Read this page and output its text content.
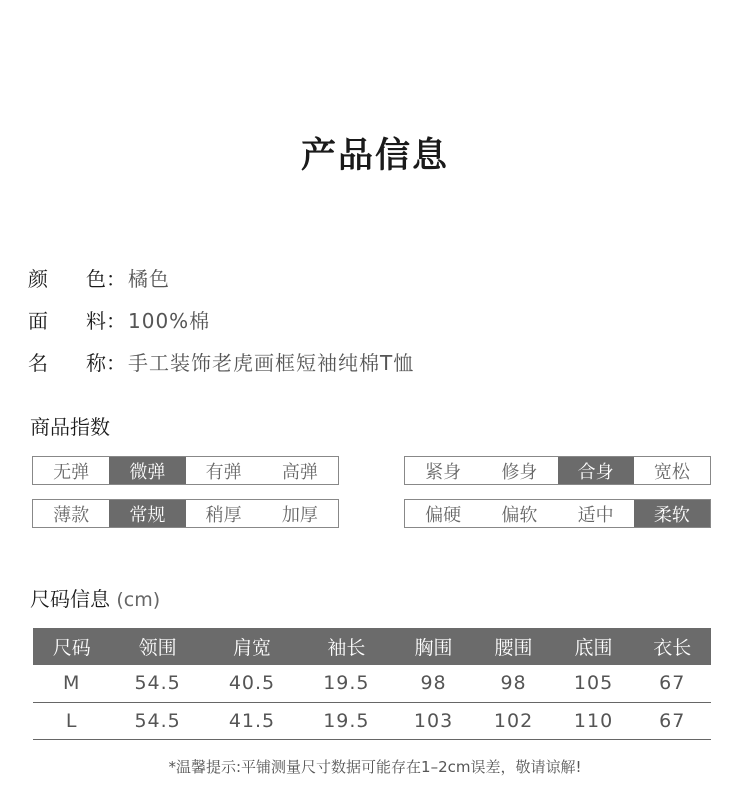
产品信息
颜 色： 橘色
面 料： 100%棉
名 称： 手工装饰老虎画框短袖纯棉T恤
商品指数
无弹	微弹	有弹	高弹	紧身	修身	合身	宽松
薄款	常规	稍厚	加厚	偏硬	偏软	适中	柔软
尺码信息 (cm)
尺码	领围	肩宽	袖长	胸围	腰围	底围	衣长
M	54.5	40.5	19.5	98	98	105	67
L	54.5	41.5	19.5	103	102	110	67
*温馨提示:平铺测量尺寸数据可能存在1–2cm误差，敬请谅解!
